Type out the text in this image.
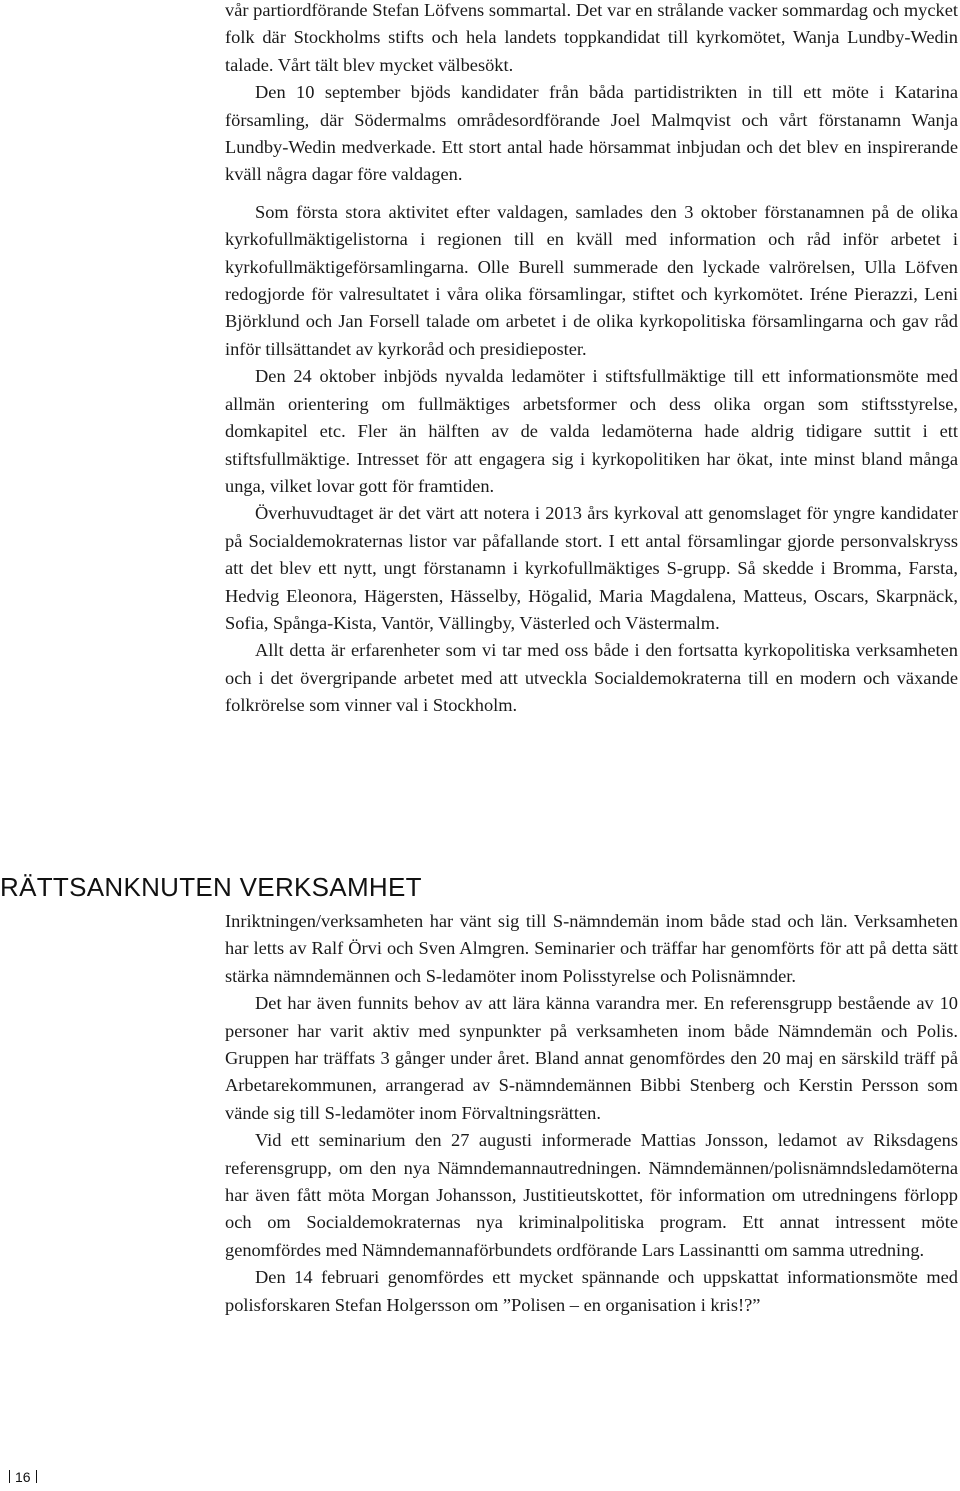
vår partiordförande Stefan Löfvens sommartal. Det var en strålande vacker sommardag och mycket folk där Stockholms stifts och hela landets toppkandidat till kyrkomötet, Wanja Lundby-Wedin talade. Vårt tält blev mycket välbesökt.

Den 10 september bjöds kandidater från båda partidistrikten in till ett möte i Katarina församling, där Södermalms områdesordförande Joel Malmqvist och vårt förstanamn Wanja Lundby-Wedin medverkade. Ett stort antal hade hörsammat inbjudan och det blev en inspirerande kväll några dagar före valdagen.

Som första stora aktivitet efter valdagen, samlades den 3 oktober förstanamnen på de olika kyrkofullmäktigelistorna i regionen till en kväll med information och råd inför arbetet i kyrkofullmäktigeförsamlingarna. Olle Burell summerade den lyckade valrörelsen, Ulla Löfven redogjorde för valresultatet i våra olika församlingar, stiftet och kyrkomötet. Iréne Pierazzi, Leni Björklund och Jan Forsell talade om arbetet i de olika kyrkopolitiska församlingarna och gav råd inför tillsättandet av kyrkoråd och presidieposter.

Den 24 oktober inbjöds nyvalda ledamöter i stiftsfullmäktige till ett informationsmöte med allmän orientering om fullmäktiges arbetsformer och dess olika organ som stiftsstyrelse, domkapitel etc. Fler än hälften av de valda ledamöterna hade aldrig tidigare suttit i ett stiftsfullmäktige. Intresset för att engagera sig i kyrkopolitiken har ökat, inte minst bland många unga, vilket lovar gott för framtiden.

Överhuvudtaget är det värt att notera i 2013 års kyrkoval att genomslaget för yngre kandidater på Socialdemokraternas listor var påfallande stort. I ett antal församlingar gjorde personvalskryss att det blev ett nytt, ungt förstanamn i kyrkofullmäktiges S-grupp. Så skedde i Bromma, Farsta, Hedvig Eleonora, Hägersten, Hässelby, Högalid, Maria Magdalena, Matteus, Oscars, Skarpnäck, Sofia, Spånga-Kista, Vantör, Vällingby, Västerled och Västermalm.

Allt detta är erfarenheter som vi tar med oss både i den fortsatta kyrkopolitiska verksamheten och i det övergripande arbetet med att utveckla Socialdemokraterna till en modern och växande folkrörelse som vinner val i Stockholm.

RÄTTSANKNUTEN VERKSAMHET

Inriktningen/verksamheten har vänt sig till S-nämndemän inom både stad och län. Verksamheten har letts av Ralf Örvi och Sven Almgren. Seminarier och träffar har genomförts för att på detta sätt stärka nämndemännen och S-ledamöter inom Polisstyrelse och Polisnämnder.

Det har även funnits behov av att lära känna varandra mer. En referensgrupp bestående av 10 personer har varit aktiv med synpunkter på verksamheten inom både Nämndemän och Polis. Gruppen har träffats 3 gånger under året. Bland annat genomfördes den 20 maj en särskild träff på Arbetarekommunen, arrangerad av S-nämndemännen Bibbi Stenberg och Kerstin Persson som vände sig till S-ledamöter inom Förvaltningsrätten.

Vid ett seminarium den 27 augusti informerade Mattias Jonsson, ledamot av Riksdagens referensgrupp, om den nya Nämndemannautredningen. Nämndemännen/polisnämndsledamöterna har även fått möta Morgan Johansson, Justitieutskottet, för information om utredningens förlopp och om Socialdemokraternas nya kriminalpolitiska program. Ett annat intressent möte genomfördes med Nämndemannaförbundets ordförande Lars Lassinantti om samma utredning.

Den 14 februari genomfördes ett mycket spännande och uppskattat informationsmöte med polisforskaren Stefan Holgersson om ”Polisen – en organisation i kris!?”

16
